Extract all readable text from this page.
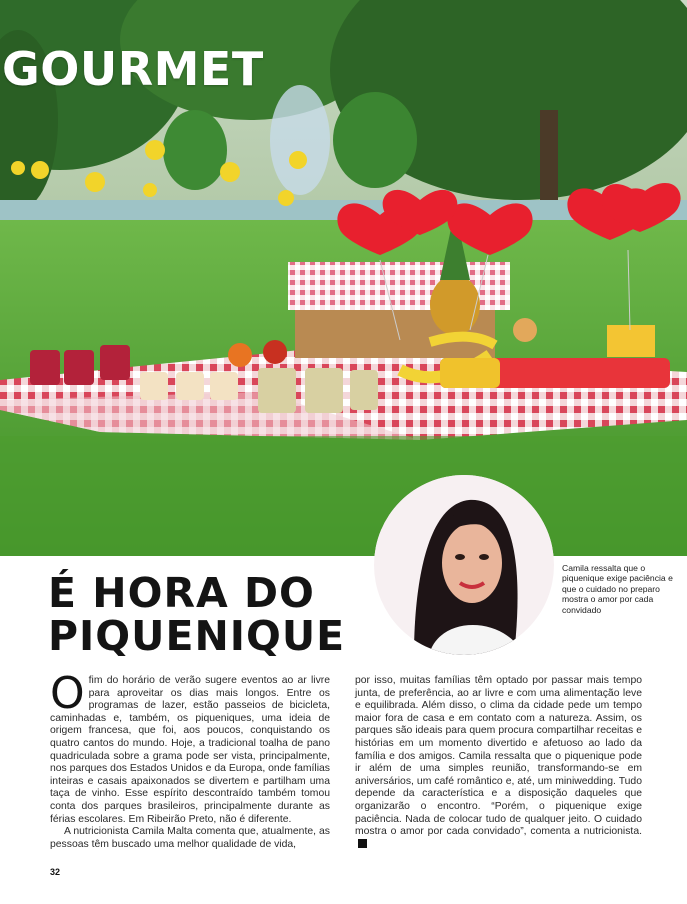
GOURMET
Camila ressalta que o piquenique exige paciência e que o cuidado no preparo mostra o amor por cada convidado
É HORA DO
PIQUENIQUE

O fim do horário de verão sugere eventos ao ar livre para aproveitar os dias mais longos. Entre os programas de lazer, estão passeios de bicicleta, caminhadas e, também, os piqueniques, uma ideia de origem francesa, que foi, aos poucos, conquistando os quatro cantos do mundo. Hoje, a tradicional toalha de pano quadriculada sobre a grama pode ser vista, principalmente, nos parques dos Estados Unidos e da Europa, onde famílias inteiras e casais apaixonados se divertem e partilham uma taça de vinho. Esse espírito descontraído também tomou conta dos parques brasileiros, principalmente durante as férias escolares. Em Ribeirão Preto, não é diferente.

A nutricionista Camila Malta comenta que, atualmente, as pessoas têm buscado uma melhor qualidade de vida,

por isso, muitas famílias têm optado por passar mais tempo junta, de preferência, ao ar livre e com uma alimentação leve e equilibrada. Além disso, o clima da cidade pede um tempo maior fora de casa e em contato com a natureza. Assim, os parques são ideais para quem procura compartilhar receitas e histórias em um momento divertido e afetuoso ao lado da família e dos amigos. Camila ressalta que o piquenique pode ir além de uma simples reunião, transformando-se em aniversários, um café romântico e, até, um miniwedding. Tudo depende da característica e a disposição daqueles que organizarão o encontro. “Porém, o piquenique exige paciência. Nada de colocar tudo de qualquer jeito. O cuidado mostra o amor por cada convidado”, comenta a nutricionista.

32
